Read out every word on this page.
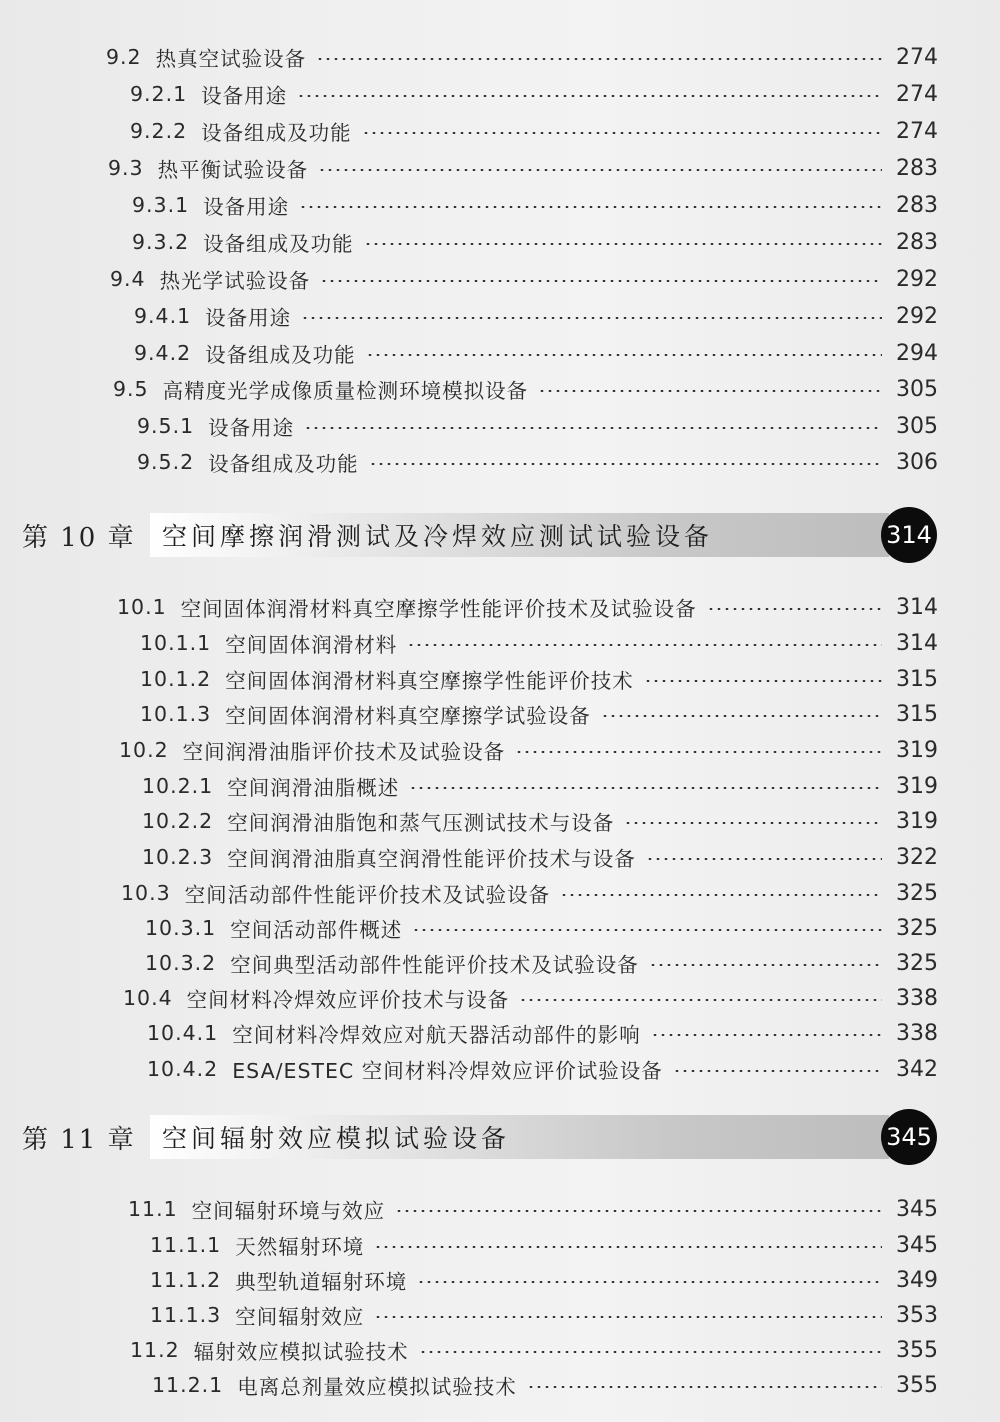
9.2 热真空试验设备	274
9.2.1 设备用途	274
9.2.2 设备组成及功能	274
9.3 热平衡试验设备	283
9.3.1 设备用途	283
9.3.2 设备组成及功能	283
9.4 热光学试验设备	292
9.4.1 设备用途	292
9.4.2 设备组成及功能	294
9.5 高精度光学成像质量检测环境模拟设备	305
9.5.1 设备用途	305
9.5.2 设备组成及功能	306
第 10 章	空间摩擦润滑测试及冷焊效应测试试验设备	314
10.1 空间固体润滑材料真空摩擦学性能评价技术及试验设备	314
10.1.1 空间固体润滑材料	314
10.1.2 空间固体润滑材料真空摩擦学性能评价技术	315
10.1.3 空间固体润滑材料真空摩擦学试验设备	315
10.2 空间润滑油脂评价技术及试验设备	319
10.2.1 空间润滑油脂概述	319
10.2.2 空间润滑油脂饱和蒸气压测试技术与设备	319
10.2.3 空间润滑油脂真空润滑性能评价技术与设备	322
10.3 空间活动部件性能评价技术及试验设备	325
10.3.1 空间活动部件概述	325
10.3.2 空间典型活动部件性能评价技术及试验设备	325
10.4 空间材料冷焊效应评价技术与设备	338
10.4.1 空间材料冷焊效应对航天器活动部件的影响	338
10.4.2 ESA/ESTEC 空间材料冷焊效应评价试验设备	342
第 11 章	空间辐射效应模拟试验设备	345
11.1 空间辐射环境与效应	345
11.1.1 天然辐射环境	345
11.1.2 典型轨道辐射环境	349
11.1.3 空间辐射效应	353
11.2 辐射效应模拟试验技术	355
11.2.1 电离总剂量效应模拟试验技术	355
